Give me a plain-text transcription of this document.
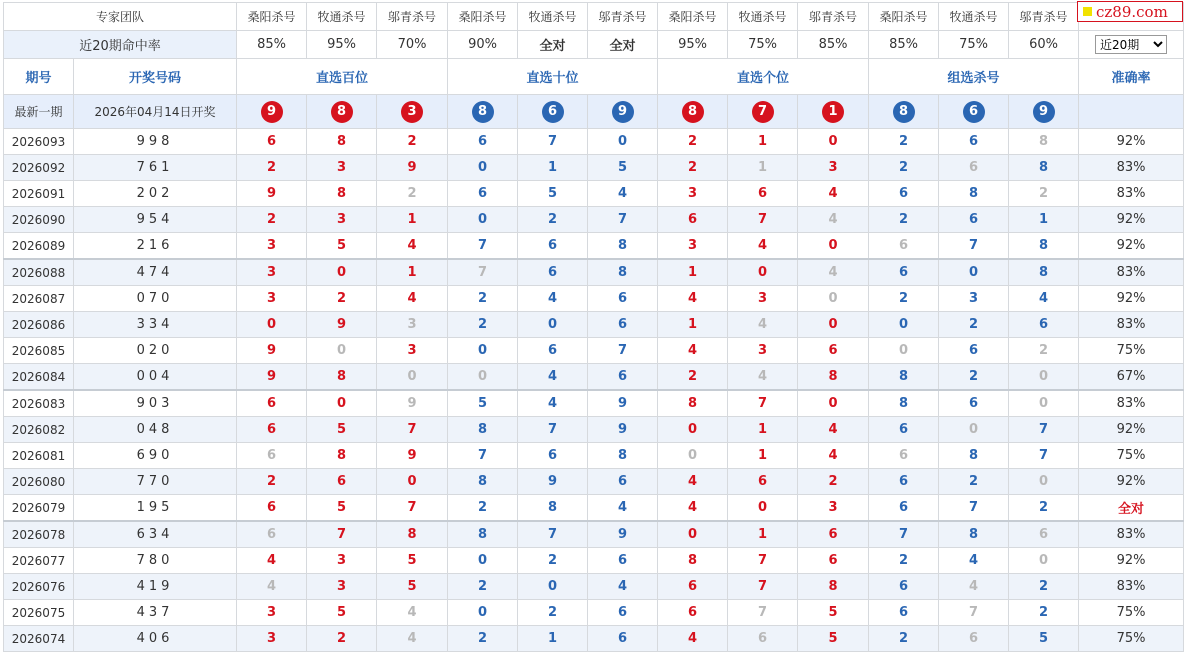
cz89.com
专家团队		桑阳杀号	牧通杀号	邬青杀号	桑阳杀号	牧通杀号	邬青杀号	桑阳杀号	牧通杀号	邬青杀号	桑阳杀号	牧通杀号	邬青杀号	
近20期命中率		85%	95%	70%	90%	全对	全对	95%	75%	85%	85%	75%	60%	
近20期
期号	开奖号码	直选百位			直选十位			直选个位			组选杀号			准确率
最新一期	2026年04月14日开奖	9	8	3	8	6	9	8	7	1	8	6	9	
2026093	998	6	8	2	6	7	0	2	1	0	2	6	8	92%
2026092	761	2	3	9	0	1	5	2	1	3	2	6	8	83%
2026091	202	9	8	2	6	5	4	3	6	4	6	8	2	83%
2026090	954	2	3	1	0	2	7	6	7	4	2	6	1	92%
2026089	216	3	5	4	7	6	8	3	4	0	6	7	8	92%
2026088	474	3	0	1	7	6	8	1	0	4	6	0	8	83%
2026087	070	3	2	4	2	4	6	4	3	0	2	3	4	92%
2026086	334	0	9	3	2	0	6	1	4	0	0	2	6	83%
2026085	020	9	0	3	0	6	7	4	3	6	0	6	2	75%
2026084	004	9	8	0	0	4	6	2	4	8	8	2	0	67%
2026083	903	6	0	9	5	4	9	8	7	0	8	6	0	83%
2026082	048	6	5	7	8	7	9	0	1	4	6	0	7	92%
2026081	690	6	8	9	7	6	8	0	1	4	6	8	7	75%
2026080	770	2	6	0	8	9	6	4	6	2	6	2	0	92%
2026079	195	6	5	7	2	8	4	4	0	3	6	7	2	全对
2026078	634	6	7	8	8	7	9	0	1	6	7	8	6	83%
2026077	780	4	3	5	0	2	6	8	7	6	2	4	0	92%
2026076	419	4	3	5	2	0	4	6	7	8	6	4	2	83%
2026075	437	3	5	4	0	2	6	6	7	5	6	7	2	75%
2026074	406	3	2	4	2	1	6	4	6	5	2	6	5	75%
